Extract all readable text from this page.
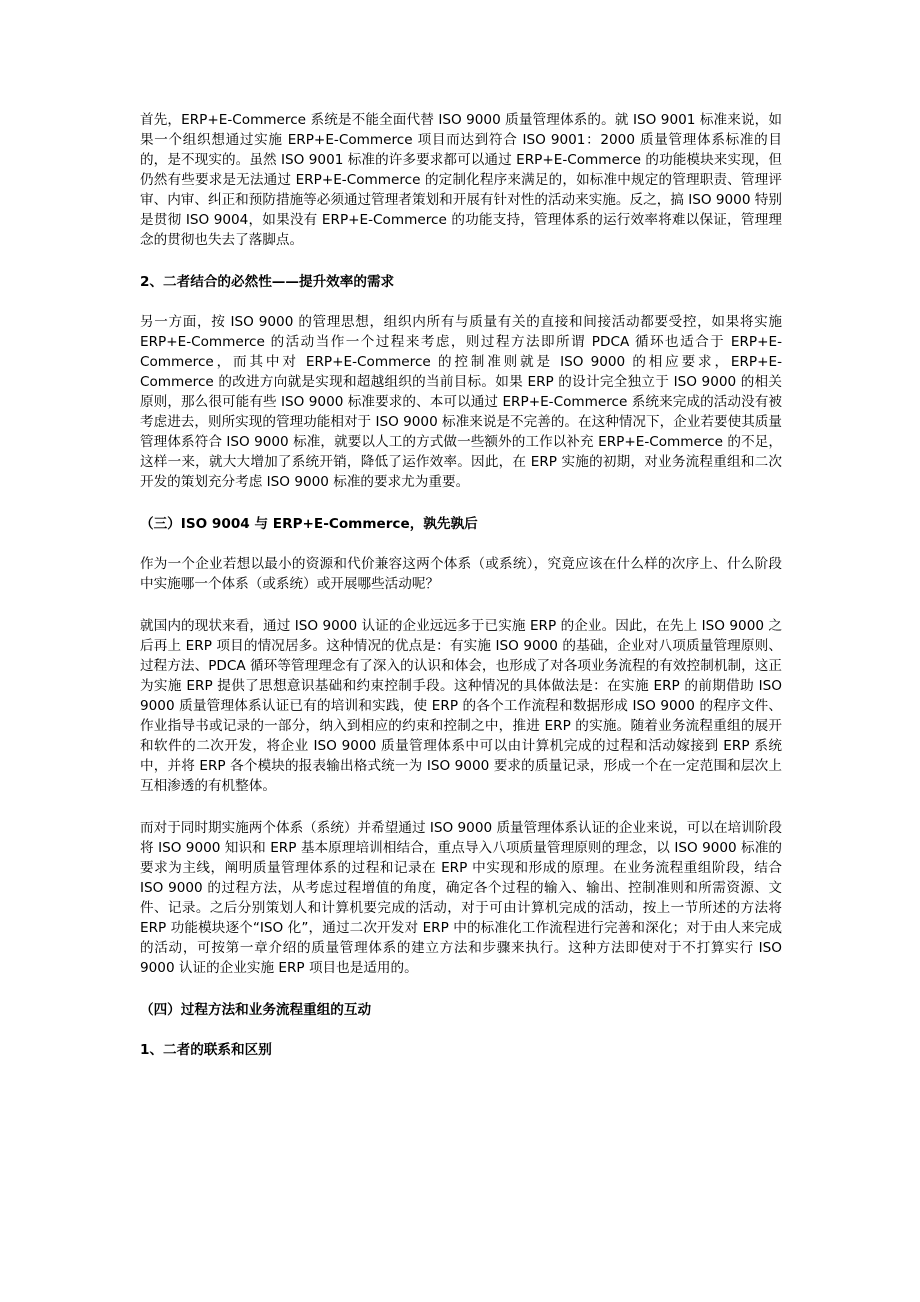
首先，ERP+E-Commerce 系统是不能全面代替 ISO 9000 质量管理体系的。就 ISO 9001 标准来说，如果一个组织想通过实施 ERP+E-Commerce 项目而达到符合 ISO 9001：2000 质量管理体系标准的目的，是不现实的。虽然 ISO 9001 标准的许多要求都可以通过 ERP+E-Commerce 的功能模块来实现，但仍然有些要求是无法通过 ERP+E-Commerce 的定制化程序来满足的，如标准中规定的管理职责、管理评审、内审、纠正和预防措施等必须通过管理者策划和开展有针对性的活动来实施。反之，搞 ISO 9000 特别是贯彻 ISO 9004，如果没有 ERP+E-Commerce 的功能支持，管理体系的运行效率将难以保证，管理理念的贯彻也失去了落脚点。

2、二者结合的必然性——提升效率的需求

另一方面，按 ISO 9000 的管理思想，组织内所有与质量有关的直接和间接活动都要受控，如果将实施 ERP+E-Commerce 的活动当作一个过程来考虑，则过程方法即所谓 PDCA 循环也适合于 ERP+E-Commerce，而其中对 ERP+E-Commerce 的控制准则就是 ISO 9000 的相应要求，ERP+E-Commerce 的改进方向就是实现和超越组织的当前目标。如果 ERP 的设计完全独立于 ISO 9000 的相关原则，那么很可能有些 ISO 9000 标准要求的、本可以通过 ERP+E-Commerce 系统来完成的活动没有被考虑进去，则所实现的管理功能相对于 ISO 9000 标准来说是不完善的。在这种情况下，企业若要使其质量管理体系符合 ISO 9000 标准，就要以人工的方式做一些额外的工作以补充 ERP+E-Commerce 的不足，这样一来，就大大增加了系统开销，降低了运作效率。因此，在 ERP 实施的初期，对业务流程重组和二次开发的策划充分考虑 ISO 9000 标准的要求尤为重要。

（三）ISO 9004 与 ERP+E-Commerce，孰先孰后

作为一个企业若想以最小的资源和代价兼容这两个体系（或系统），究竟应该在什么样的次序上、什么阶段中实施哪一个体系（或系统）或开展哪些活动呢？

就国内的现状来看，通过 ISO 9000 认证的企业远远多于已实施 ERP 的企业。因此，在先上 ISO 9000 之后再上 ERP 项目的情况居多。这种情况的优点是：有实施 ISO 9000 的基础，企业对八项质量管理原则、过程方法、PDCA 循环等管理理念有了深入的认识和体会，也形成了对各项业务流程的有效控制机制，这正为实施 ERP 提供了思想意识基础和约束控制手段。这种情况的具体做法是：在实施 ERP 的前期借助 ISO 9000 质量管理体系认证已有的培训和实践，使 ERP 的各个工作流程和数据形成 ISO 9000 的程序文件、作业指导书或记录的一部分，纳入到相应的约束和控制之中，推进 ERP 的实施。随着业务流程重组的展开和软件的二次开发，将企业 ISO 9000 质量管理体系中可以由计算机完成的过程和活动嫁接到 ERP 系统中，并将 ERP 各个模块的报表输出格式统一为 ISO 9000 要求的质量记录，形成一个在一定范围和层次上互相渗透的有机整体。

而对于同时期实施两个体系（系统）并希望通过 ISO 9000 质量管理体系认证的企业来说，可以在培训阶段将 ISO 9000 知识和 ERP 基本原理培训相结合，重点导入八项质量管理原则的理念，以 ISO 9000 标准的要求为主线，阐明质量管理体系的过程和记录在 ERP 中实现和形成的原理。在业务流程重组阶段，结合 ISO 9000 的过程方法，从考虑过程增值的角度，确定各个过程的输入、输出、控制准则和所需资源、文件、记录。之后分别策划人和计算机要完成的活动，对于可由计算机完成的活动，按上一节所述的方法将 ERP 功能模块逐个“ISO 化”，通过二次开发对 ERP 中的标准化工作流程进行完善和深化；对于由人来完成的活动，可按第一章介绍的质量管理体系的建立方法和步骤来执行。这种方法即使对于不打算实行 ISO 9000 认证的企业实施 ERP 项目也是适用的。

（四）过程方法和业务流程重组的互动

1、二者的联系和区别
